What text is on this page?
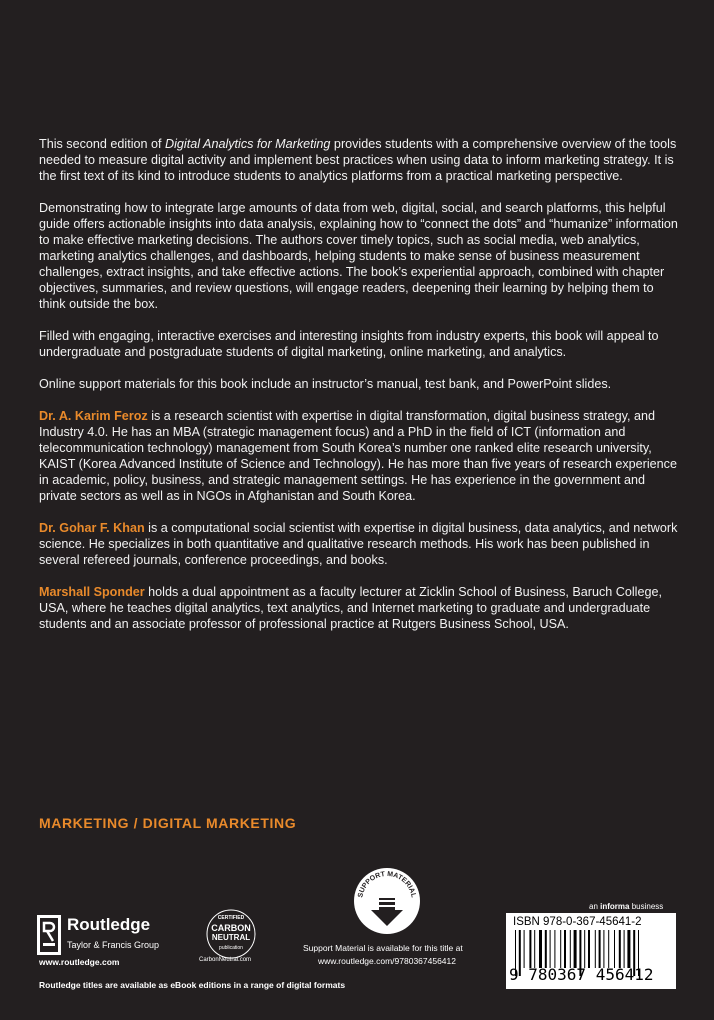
This second edition of Digital Analytics for Marketing provides students with a comprehensive overview of the tools needed to measure digital activity and implement best practices when using data to inform marketing strategy. It is the first text of its kind to introduce students to analytics platforms from a practical marketing perspective.

Demonstrating how to integrate large amounts of data from web, digital, social, and search platforms, this helpful guide offers actionable insights into data analysis, explaining how to “connect the dots” and “humanize” information to make effective marketing decisions. The authors cover timely topics, such as social media, web analytics, marketing analytics challenges, and dashboards, helping students to make sense of business measurement challenges, extract insights, and take effective actions. The book’s experiential approach, combined with chapter objectives, summaries, and review questions, will engage readers, deepening their learning by helping them to think outside the box.

Filled with engaging, interactive exercises and interesting insights from industry experts, this book will appeal to undergraduate and postgraduate students of digital marketing, online marketing, and analytics.

Online support materials for this book include an instructor’s manual, test bank, and PowerPoint slides.

Dr. A. Karim Feroz is a research scientist with expertise in digital transformation, digital business strategy, and Industry 4.0. He has an MBA (strategic management focus) and a PhD in the field of ICT (information and telecommunication technology) management from South Korea’s number one ranked elite research university, KAIST (Korea Advanced Institute of Science and Technology). He has more than five years of research experience in academic, policy, business, and strategic management settings. He has experience in the government and private sectors as well as in NGOs in Afghanistan and South Korea.

Dr. Gohar F. Khan is a computational social scientist with expertise in digital business, data analytics, and network science. He specializes in both quantitative and qualitative research methods. His work has been published in several refereed journals, conference proceedings, and books.

Marshall Sponder holds a dual appointment as a faculty lecturer at Zicklin School of Business, Baruch College, USA, where he teaches digital analytics, text analytics, and Internet marketing to graduate and undergraduate students and an associate professor of professional practice at Rutgers Business School, USA.

MARKETING / DIGITAL MARKETING
Routledge
Taylor & Francis Group
www.routledge.com
CERTIFIED
CARBON
NEUTRAL
publication
CarbonNeutral.com
SUPPORT MATERIAL
Support Material is available for this title at
www.routledge.com/9780367456412
an informa business
ISBN 978-0-367-45641-2
9 780367 456412
Routledge titles are available as eBook editions in a range of digital formats
